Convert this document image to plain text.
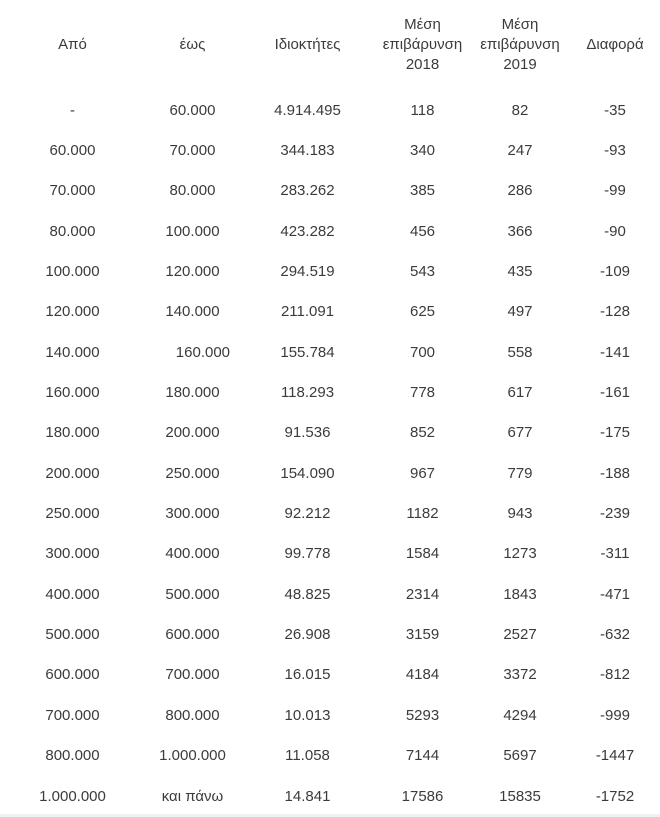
Από	έως	Ιδιοκτήτες	Μέση επιβάρυνση 2018	Μέση επιβάρυνση 2019	Διαφορά
-	60.000	4.914.495	118	82	-35
60.000	70.000	344.183	340	247	-93
70.000	80.000	283.262	385	286	-99
80.000	100.000	423.282	456	366	-90
100.000	120.000	294.519	543	435	-109
120.000	140.000	211.091	625	497	-128
140.000	160.000	155.784	700	558	-141
160.000	180.000	118.293	778	617	-161
180.000	200.000	91.536	852	677	-175
200.000	250.000	154.090	967	779	-188
250.000	300.000	92.212	1182	943	-239
300.000	400.000	99.778	1584	1273	-311
400.000	500.000	48.825	2314	1843	-471
500.000	600.000	26.908	3159	2527	-632
600.000	700.000	16.015	4184	3372	-812
700.000	800.000	10.013	5293	4294	-999
800.000	1.000.000	11.058	7144	5697	-1447
1.000.000	και πάνω	14.841	17586	15835	-1752
